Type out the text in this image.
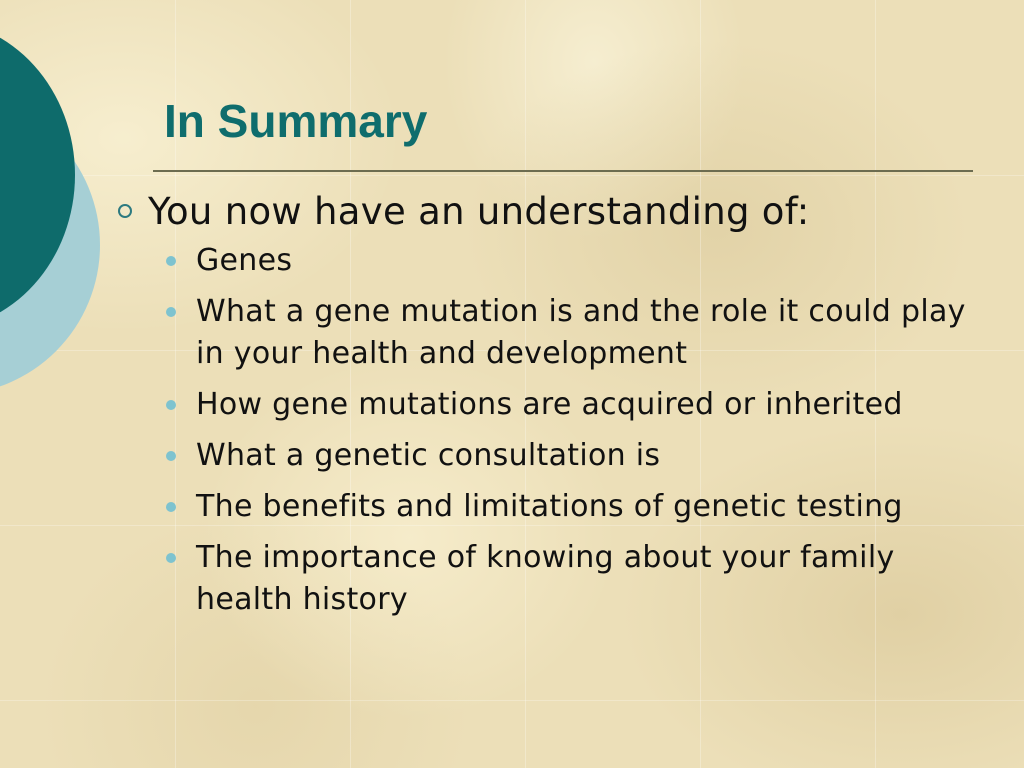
In Summary
You now have an understanding of:
Genes
What a gene mutation is and the role it could play in your health and development
How gene mutations are acquired or inherited
What a genetic consultation is
The benefits and limitations of genetic testing
The importance of knowing about your family health history
